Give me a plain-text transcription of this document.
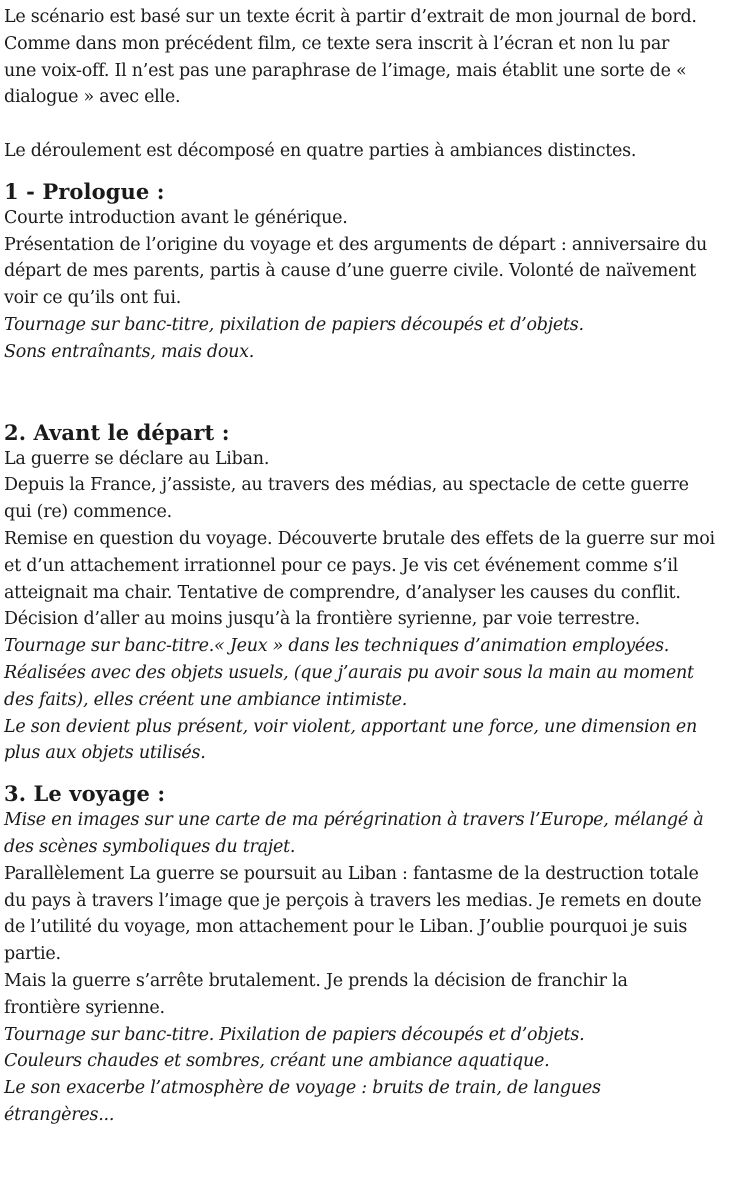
Le scénario est basé sur un texte écrit à partir d’extrait de mon journal de bord.
Comme dans mon précédent film, ce texte sera inscrit à l’écran et non lu par
une voix-off. Il n’est pas une paraphrase de l’image, mais établit une sorte de «
dialogue » avec elle.
Le déroulement est décomposé en quatre parties à ambiances distinctes.
1 - Prologue :
Courte introduction avant le générique.
Présentation de l’origine du voyage et des arguments de départ : anniversaire du
départ de mes parents, partis à cause d’une guerre civile. Volonté de naïvement
voir ce qu’ils ont fui.
Tournage sur banc-titre, pixilation de papiers découpés et d’objets.
Sons entraînants, mais doux.
2. Avant le départ :
La guerre se déclare au Liban.
Depuis la France, j’assiste, au travers des médias, au spectacle de cette guerre
qui (re) commence.
Remise en question du voyage. Découverte brutale des effets de la guerre sur moi
et d’un attachement irrationnel pour ce pays. Je vis cet événement comme s’il
atteignait ma chair. Tentative de comprendre, d’analyser les causes du conflit.
Décision d’aller au moins jusqu’à la frontière syrienne, par voie terrestre.
Tournage sur banc-titre.« Jeux » dans les techniques d’animation employées.
Réalisées avec des objets usuels, (que j’aurais pu avoir sous la main au moment
des faits), elles créent une ambiance intimiste.
Le son devient plus présent, voir violent, apportant une force, une dimension en
plus aux objets utilisés.
3. Le voyage :
Mise en images sur une carte de ma pérégrination à travers l’Europe, mélangé à
des scènes symboliques du trajet.
Parallèlement La guerre se poursuit au Liban : fantasme de la destruction totale
du pays à travers l’image que je perçois à travers les medias. Je remets en doute
de l’utilité du voyage, mon attachement pour le Liban. J’oublie pourquoi je suis
partie.
Mais la guerre s’arrête brutalement. Je prends la décision de franchir la
frontière syrienne.
Tournage sur banc-titre. Pixilation de papiers découpés et d’objets.
Couleurs chaudes et sombres, créant une ambiance aquatique.
Le son exacerbe l’atmosphère de voyage : bruits de train, de langues
étrangères...
